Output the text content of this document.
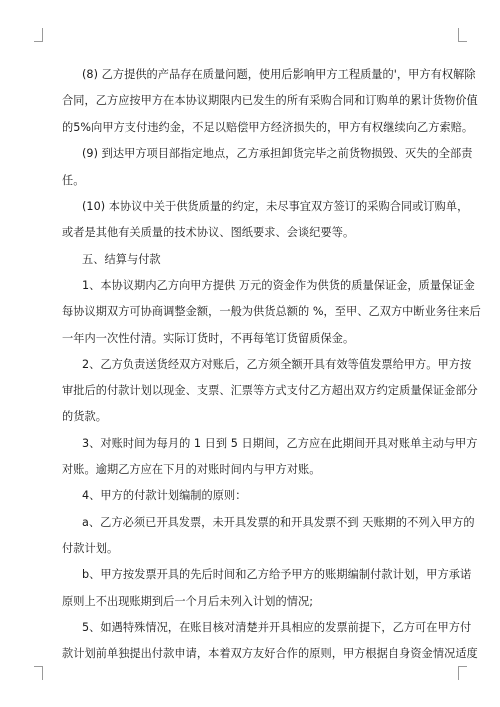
(8) 乙方提供的产品存在质量问题，使用后影响甲方工程质量的'，甲方有权解除
合同，乙方应按甲方在本协议期限内已发生的所有采购合同和订购单的累计货物价值
的5%向甲方支付违约金，不足以赔偿甲方经济损失的，甲方有权继续向乙方索赔。
(9) 到达甲方项目部指定地点，乙方承担卸货完毕之前货物损毁、灭失的全部责
任。
(10) 本协议中关于供货质量的约定，未尽事宜双方签订的采购合同或订购单，
或者是其他有关质量的技术协议、图纸要求、会谈纪要等。
五、结算与付款
1、本协议期内乙方向甲方提供 万元的资金作为供货的质量保证金，质量保证金
每协议期双方可协商调整金额，一般为供货总额的 %，至甲、乙双方中断业务往来后
一年内一次性付清。实际订货时，不再每笔订货留质保金。
2、乙方负责送货经双方对账后，乙方须全额开具有效等值发票给甲方。甲方按
审批后的付款计划以现金、支票、汇票等方式支付乙方超出双方约定质量保证金部分
的货款。
3、对账时间为每月的 1 日到 5 日期间，乙方应在此期间开具对账单主动与甲方
对账。逾期乙方应在下月的对账时间内与甲方对账。
4、甲方的付款计划编制的原则：
a、乙方必须已开具发票，未开具发票的和开具发票不到 天账期的不列入甲方的
付款计划。
b、甲方按发票开具的先后时间和乙方给予甲方的账期编制付款计划，甲方承诺
原则上不出现账期到后一个月后未列入计划的情况;
5、如遇特殊情况，在账目核对清楚并开具相应的发票前提下，乙方可在甲方付
款计划前单独提出付款申请，本着双方友好合作的原则，甲方根据自身资金情况适度
